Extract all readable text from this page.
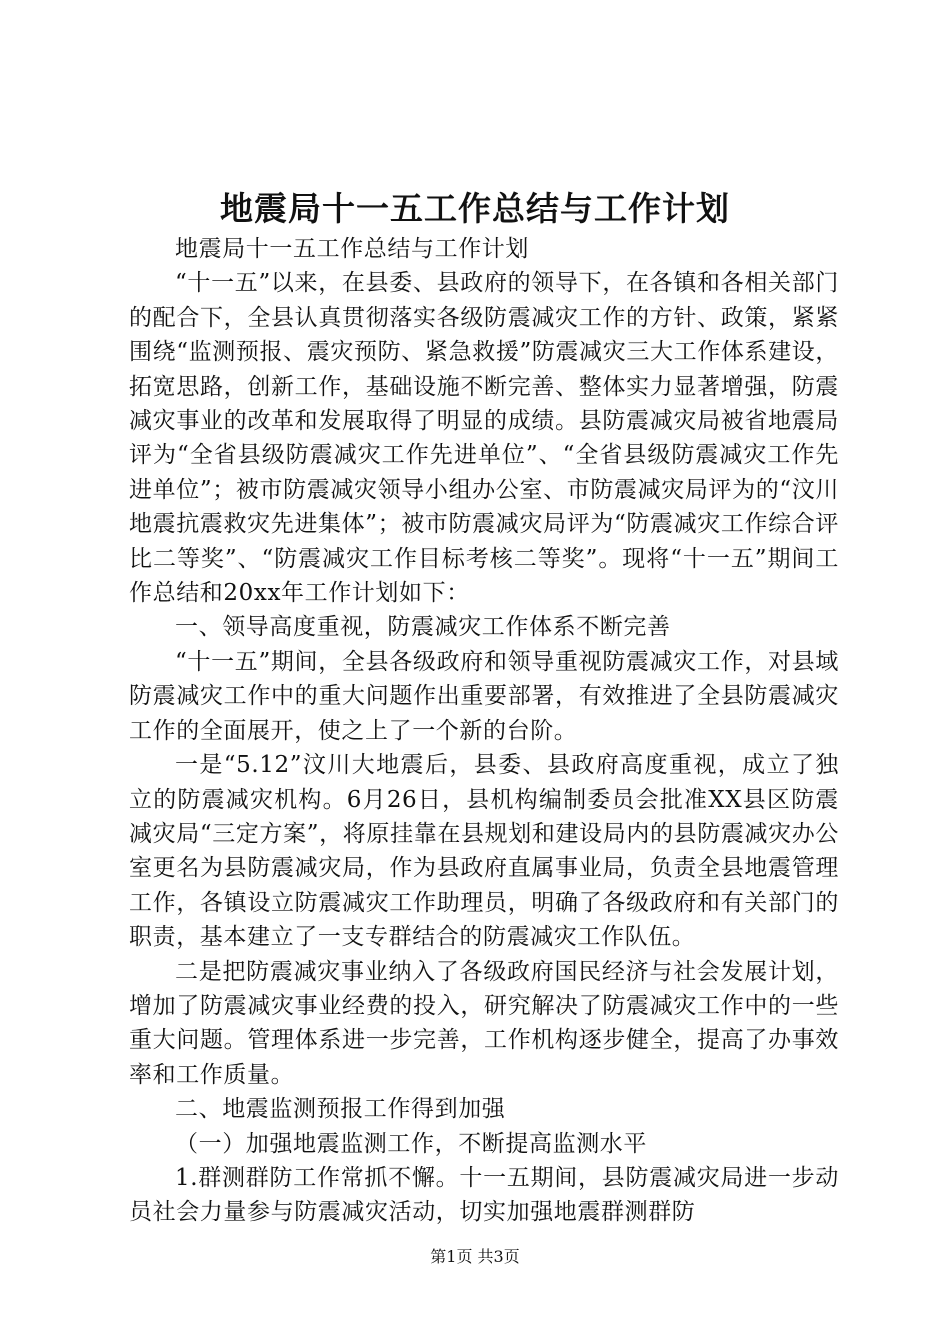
地震局十一五工作总结与工作计划

地震局十一五工作总结与工作计划

“十一五”以来，在县委、县政府的领导下，在各镇和各相关部门的配合下，全县认真贯彻落实各级防震减灾工作的方针、政策，紧紧围绕“监测预报、震灾预防、紧急救援”防震减灾三大工作体系建设，拓宽思路，创新工作，基础设施不断完善、整体实力显著增强，防震减灾事业的改革和发展取得了明显的成绩。县防震减灾局被省地震局评为“全省县级防震减灾工作先进单位”、“全省县级防震减灾工作先进单位”；被市防震减灾领导小组办公室、市防震减灾局评为的“汶川地震抗震救灾先进集体”；被市防震减灾局评为“防震减灾工作综合评比二等奖”、“防震减灾工作目标考核二等奖”。现将“十一五”期间工作总结和20xx年工作计划如下：

一、领导高度重视，防震减灾工作体系不断完善

“十一五”期间，全县各级政府和领导重视防震减灾工作，对县域防震减灾工作中的重大问题作出重要部署，有效推进了全县防震减灾工作的全面展开，使之上了一个新的台阶。

一是“5.12”汶川大地震后，县委、县政府高度重视，成立了独立的防震减灾机构。6月26日，县机构编制委员会批准XX县区防震减灾局“三定方案”，将原挂靠在县规划和建设局内的县防震减灾办公室更名为县防震减灾局，作为县政府直属事业局，负责全县地震管理工作，各镇设立防震减灾工作助理员，明确了各级政府和有关部门的职责，基本建立了一支专群结合的防震减灾工作队伍。

二是把防震减灾事业纳入了各级政府国民经济与社会发展计划，增加了防震减灾事业经费的投入，研究解决了防震减灾工作中的一些重大问题。管理体系进一步完善，工作机构逐步健全，提高了办事效率和工作质量。

二、地震监测预报工作得到加强

（一）加强地震监测工作，不断提高监测水平

1.群测群防工作常抓不懈。十一五期间，县防震减灾局进一步动员社会力量参与防震减灾活动，切实加强地震群测群防

第1页 共3页
